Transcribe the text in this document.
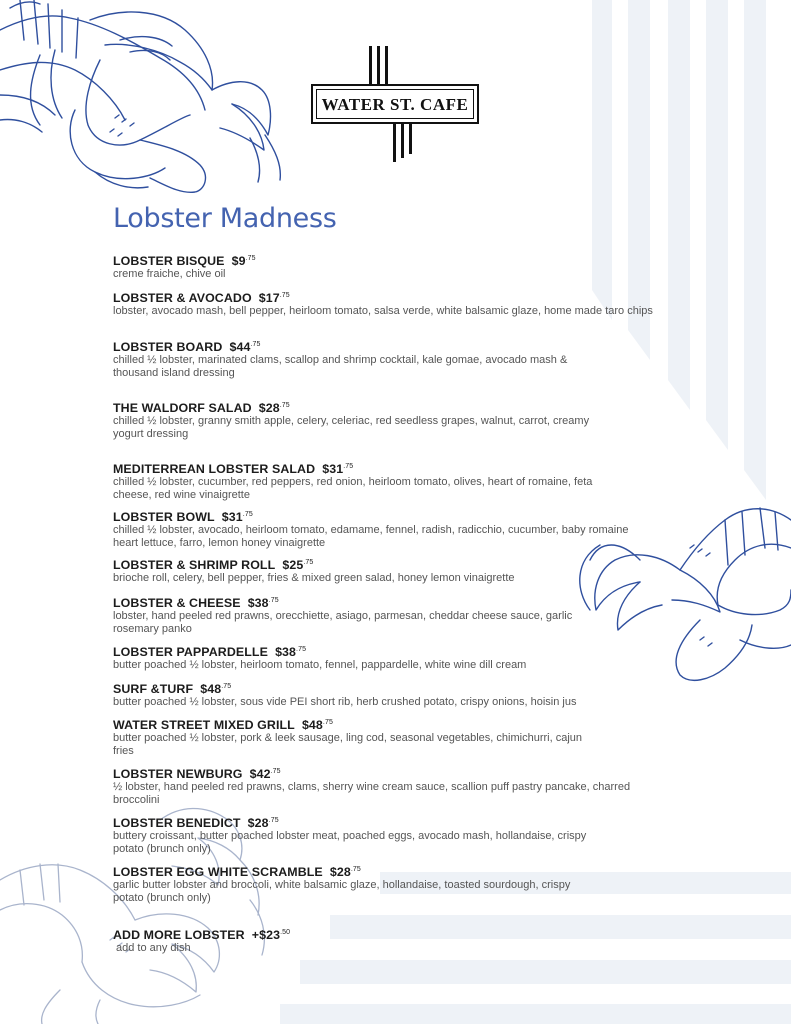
WATER ST. CAFE
Lobster Madness
LOBSTER BISQUE $\$9^{.75}$
creme fraiche, chive oil
LOBSTER & AVOCADO $\$17^{.75}$
lobster, avocado mash, bell pepper, heirloom tomato, salsa verde, white balsamic glaze, home made taro chips
LOBSTER BOARD $\$44^{.75}$
chilled ½ lobster, marinated clams, scallop and shrimp cocktail, kale gomae, avocado mash & thousand island dressing
THE WALDORF SALAD $\$28^{.75}$
chilled ½ lobster, granny smith apple, celery, celeriac, red seedless grapes, walnut, carrot, creamy yogurt dressing
MEDITERREAN LOBSTER SALAD $\$31^{.75}$
chilled ½ lobster, cucumber, red peppers, red onion, heirloom tomato, olives, heart of romaine, feta cheese, red wine vinaigrette
LOBSTER BOWL $\$31^{.75}$
chilled ½ lobster, avocado, heirloom tomato, edamame, fennel, radish, radicchio, cucumber, baby romaine heart lettuce, farro, lemon honey vinaigrette
LOBSTER & SHRIMP ROLL $\$25^{.75}$
brioche roll, celery, bell pepper, fries & mixed green salad, honey lemon vinaigrette
LOBSTER & CHEESE $\$38^{.75}$
lobster, hand peeled red prawns, orecchiette, asiago, parmesan, cheddar cheese sauce, garlic rosemary panko
LOBSTER PAPPARDELLE $\$38^{.75}$
butter poached ½ lobster, heirloom tomato, fennel, pappardelle, white wine dill cream
SURF &TURF $\$48^{.75}$
butter poached ½ lobster, sous vide PEI short rib, herb crushed potato, crispy onions, hoisin jus
WATER STREET MIXED GRILL $\$48^{.75}$
butter poached ½ lobster, pork & leek sausage, ling cod, seasonal vegetables, chimichurri, cajun fries
LOBSTER NEWBURG $\$42^{.75}$
½ lobster, hand peeled red prawns, clams, sherry wine cream sauce, scallion puff pastry pancake, charred broccolini
LOBSTER BENEDICT $\$28^{.75}$
buttery croissant, butter poached lobster meat, poached eggs, avocado mash, hollandaise, crispy potato (brunch only)
LOBSTER EGG WHITE SCRAMBLE $\$28^{.75}$
garlic butter lobster and broccoli, white balsamic glaze, hollandaise, toasted sourdough, crispy potato (brunch only)
ADD MORE LOBSTER $+\$23^{.50}$
add to any dish
